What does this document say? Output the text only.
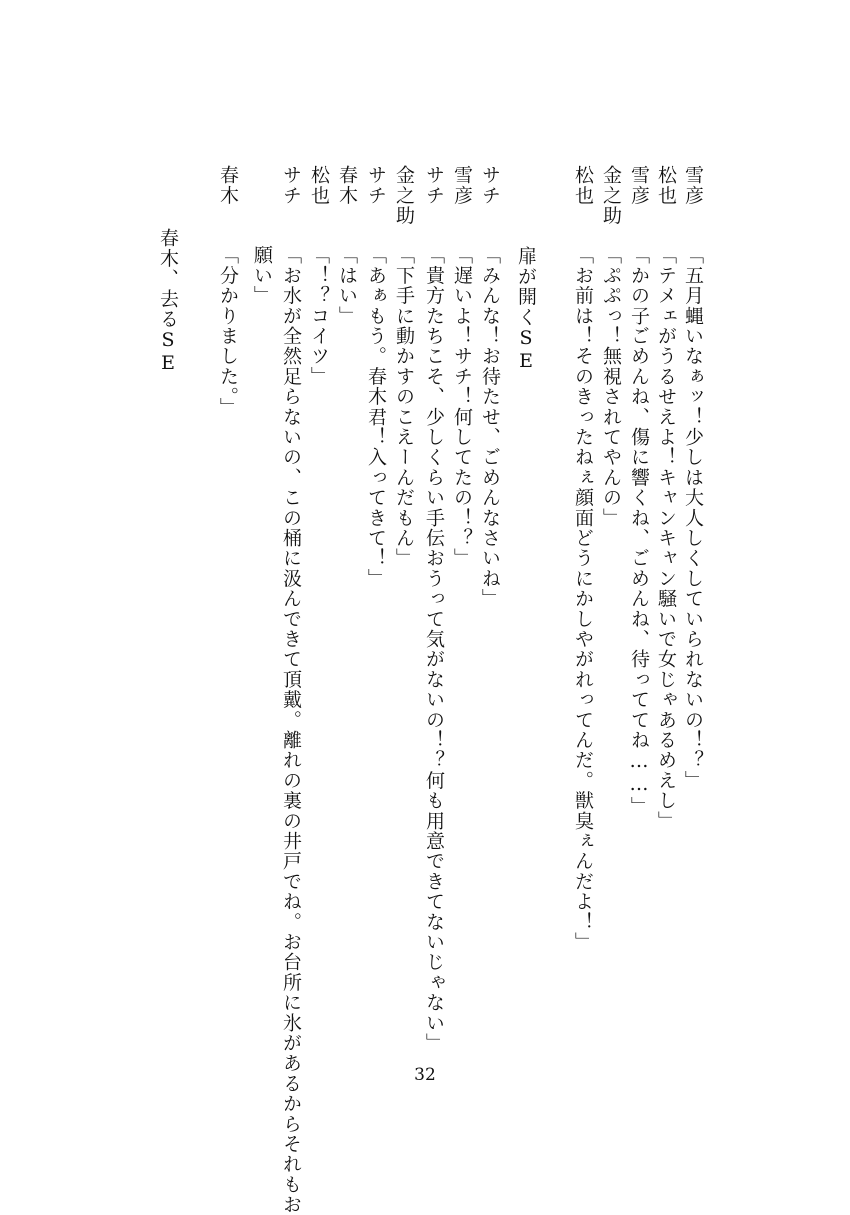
雪彦
「五月蝿いなぁッ！少しは大人しくしていられないの！？」
松也
「テメェがうるせえよ！キャンキャン騒いで女じゃあるめえし」
雪彦
「かの子ごめんね、傷に響くね、ごめんね、待っててね……」
金之助
「ぷぷっ！無視されてやんの」
松也
「お前は！そのきったねぇ顔面どうにかしやがれってんだ。獣臭ぇんだよ！」
扉が開くSE
サチ
「みんな！お待たせ、ごめんなさいね」
雪彦
「遅いよ！サチ！何してたの！？」
サチ
「貴方たちこそ、少しくらい手伝おうって気がないの！？何も用意できてないじゃない」
金之助
「下手に動かすのこえーんだもん」
サチ
「あぁもう。春木君！入ってきて！」
春木
「はい」
松也
「！？コイツ」
サチ
「お水が全然足らないの、この桶に汲んできて頂戴。離れの裏の井戸でね。お台所に氷があるからそれもお
願い」
春木
「分かりました。」
春木、去るSE
32
